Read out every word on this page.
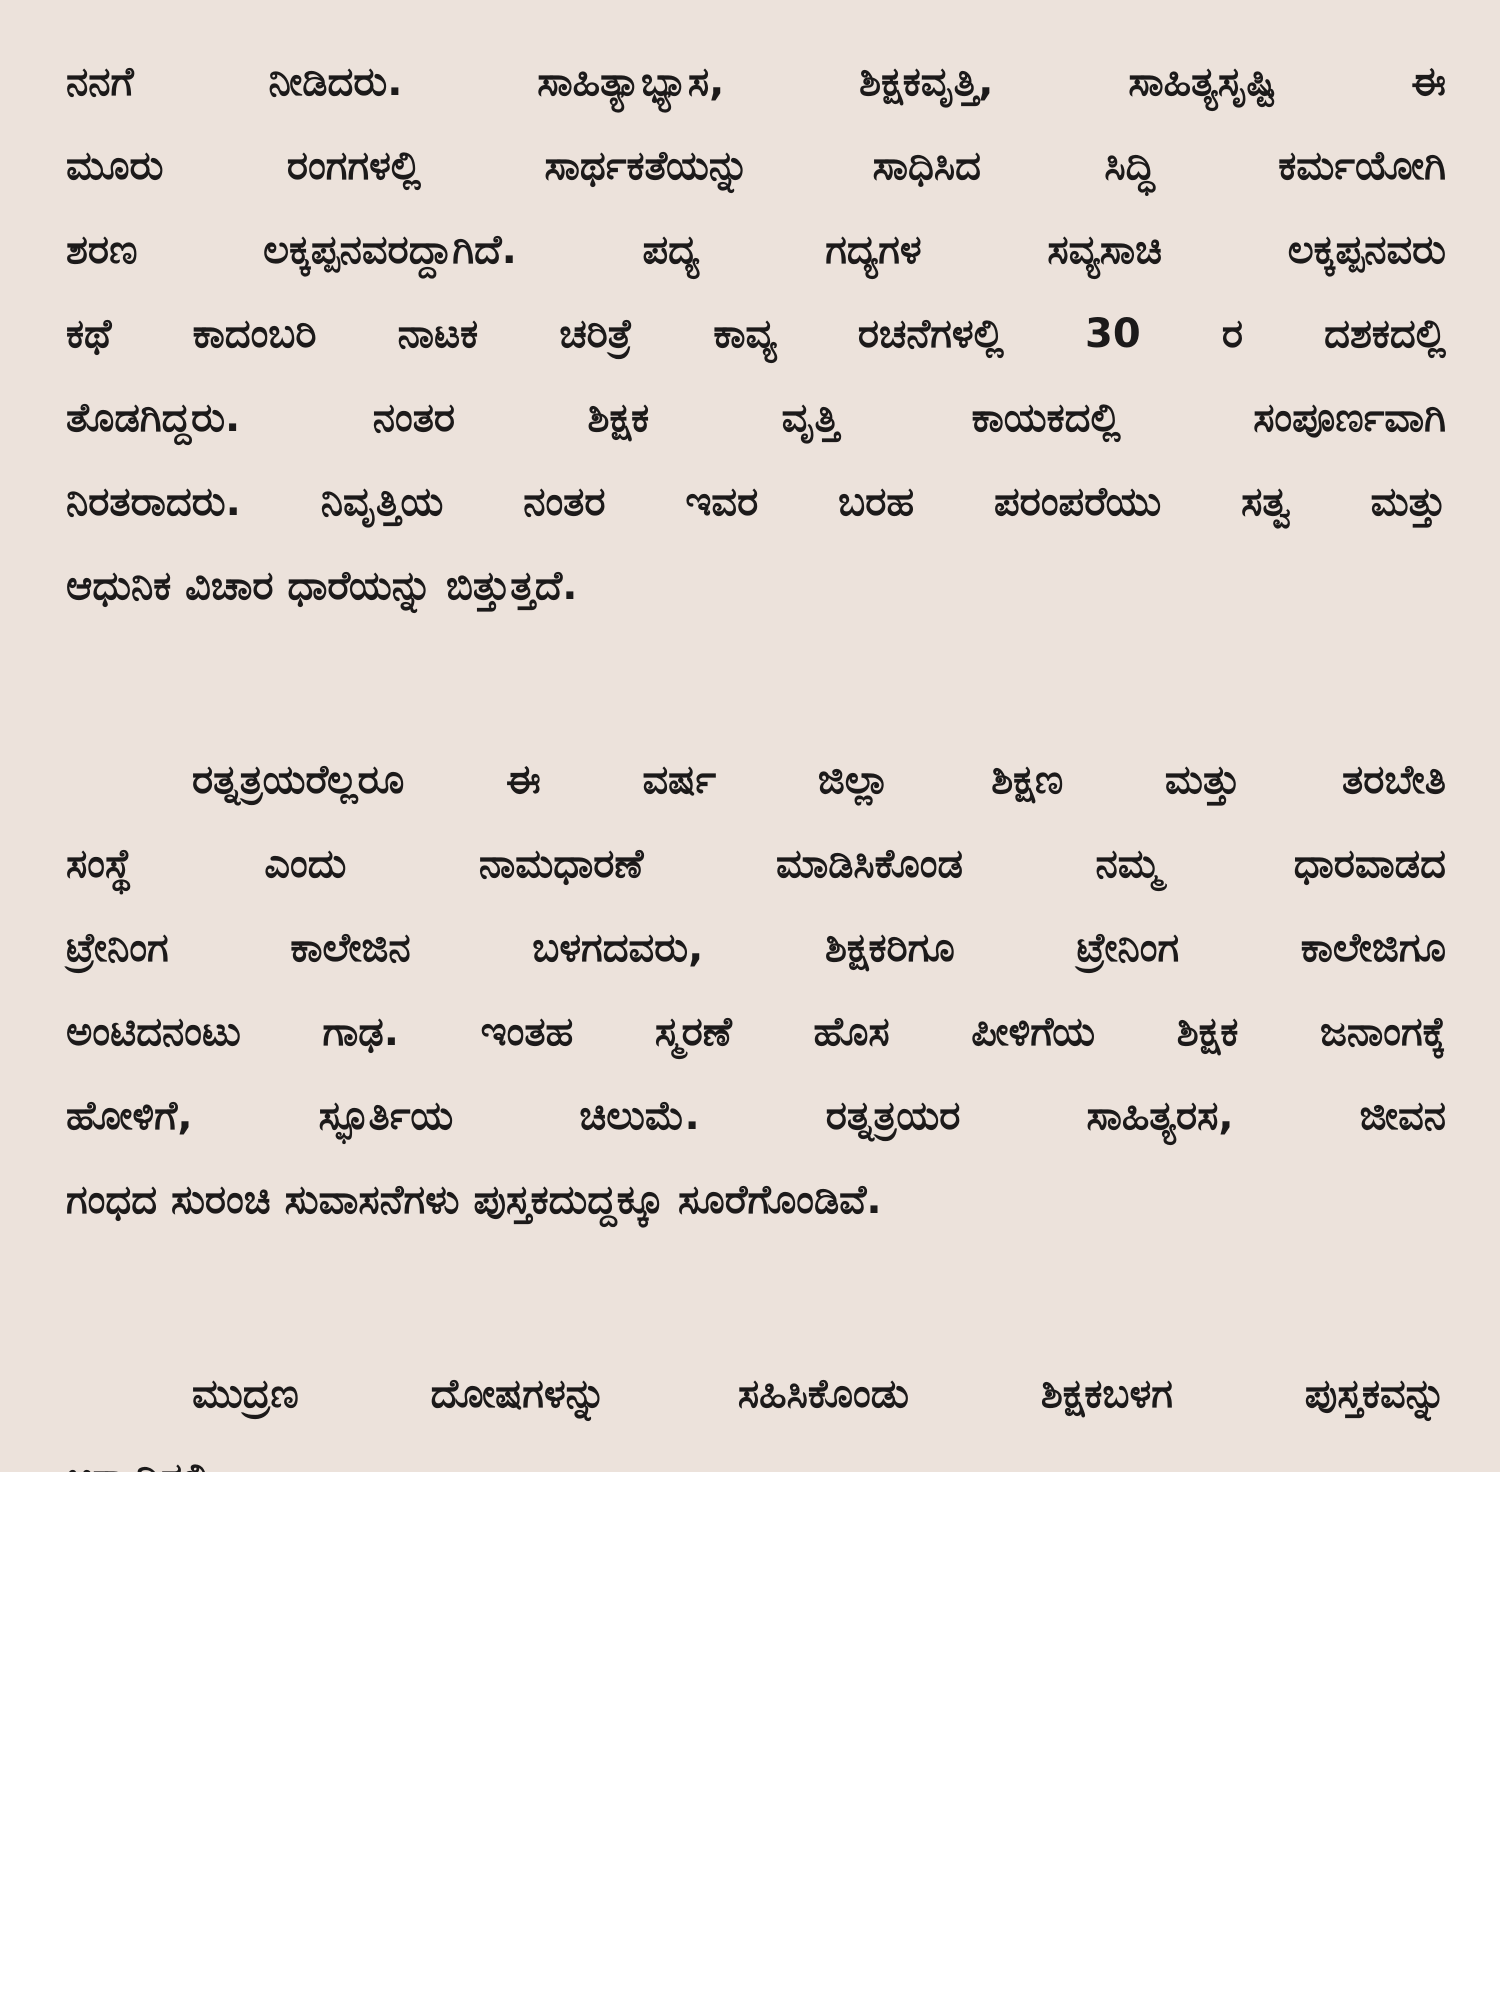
ನನಗೆ ನೀಡಿದರು. ಸಾಹಿತ್ಯಾಭ್ಯಾಸ, ಶಿಕ್ಷಕವೃತ್ತಿ, ಸಾಹಿತ್ಯಸೃಷ್ಟಿ ಈ
ಮೂರು ರಂಗಗಳಲ್ಲಿ ಸಾರ್ಥಕತೆಯನ್ನು ಸಾಧಿಸಿದ ಸಿದ್ಧಿ ಕರ್ಮಯೋಗಿ
ಶರಣ ಲಕ್ಕಪ್ಪನವರದ್ದಾಗಿದೆ. ಪದ್ಯ ಗದ್ಯಗಳ ಸವ್ಯಸಾಚಿ ಲಕ್ಕಪ್ಪನವರು
ಕಥೆ ಕಾದಂಬರಿ ನಾಟಕ ಚರಿತ್ರೆ ಕಾವ್ಯ ರಚನೆಗಳಲ್ಲಿ 30 ರ ದಶಕದಲ್ಲಿ
ತೊಡಗಿದ್ದರು. ನಂತರ ಶಿಕ್ಷಕ ವೃತ್ತಿ ಕಾಯಕದಲ್ಲಿ ಸಂಪೂರ್ಣವಾಗಿ
ನಿರತರಾದರು. ನಿವೃತ್ತಿಯ ನಂತರ ಇವರ ಬರಹ ಪರಂಪರೆಯು ಸತ್ವ ಮತ್ತು
ಆಧುನಿಕ ವಿಚಾರ ಧಾರೆಯನ್ನು ಬಿತ್ತುತ್ತದೆ.
ರತ್ನತ್ರಯರೆಲ್ಲರೂ ಈ ವರ್ಷ ಜಿಲ್ಲಾ ಶಿಕ್ಷಣ ಮತ್ತು ತರಬೇತಿ
ಸಂಸ್ಥೆ ಎಂದು ನಾಮಧಾರಣೆ ಮಾಡಿಸಿಕೊಂಡ ನಮ್ಮ ಧಾರವಾಡದ
ಟ್ರೇನಿಂಗ ಕಾಲೇಜಿನ ಬಳಗದವರು, ಶಿಕ್ಷಕರಿಗೂ ಟ್ರೇನಿಂಗ ಕಾಲೇಜಿಗೂ
ಅಂಟಿದನಂಟು ಗಾಢ. ಇಂತಹ ಸ್ಮರಣೆ ಹೊಸ ಪೀಳಿಗೆಯ ಶಿಕ್ಷಕ ಜನಾಂಗಕ್ಕೆ
ಹೋಳಿಗೆ, ಸ್ಫೂರ್ತಿಯ ಚಿಲುಮೆ. ರತ್ನತ್ರಯರ ಸಾಹಿತ್ಯರಸ, ಜೀವನ
ಗಂಧದ ಸುರಂಚಿ ಸುವಾಸನೆಗಳು ಪುಸ್ತಕದುದ್ದಕ್ಕೂ ಸೂರೆಗೊಂಡಿವೆ.
ಮುದ್ರಣ ದೋಷಗಳನ್ನು ಸಹಿಸಿಕೊಂಡು ಶಿಕ್ಷಕಬಳಗ ಪುಸ್ತಕವನ್ನು
